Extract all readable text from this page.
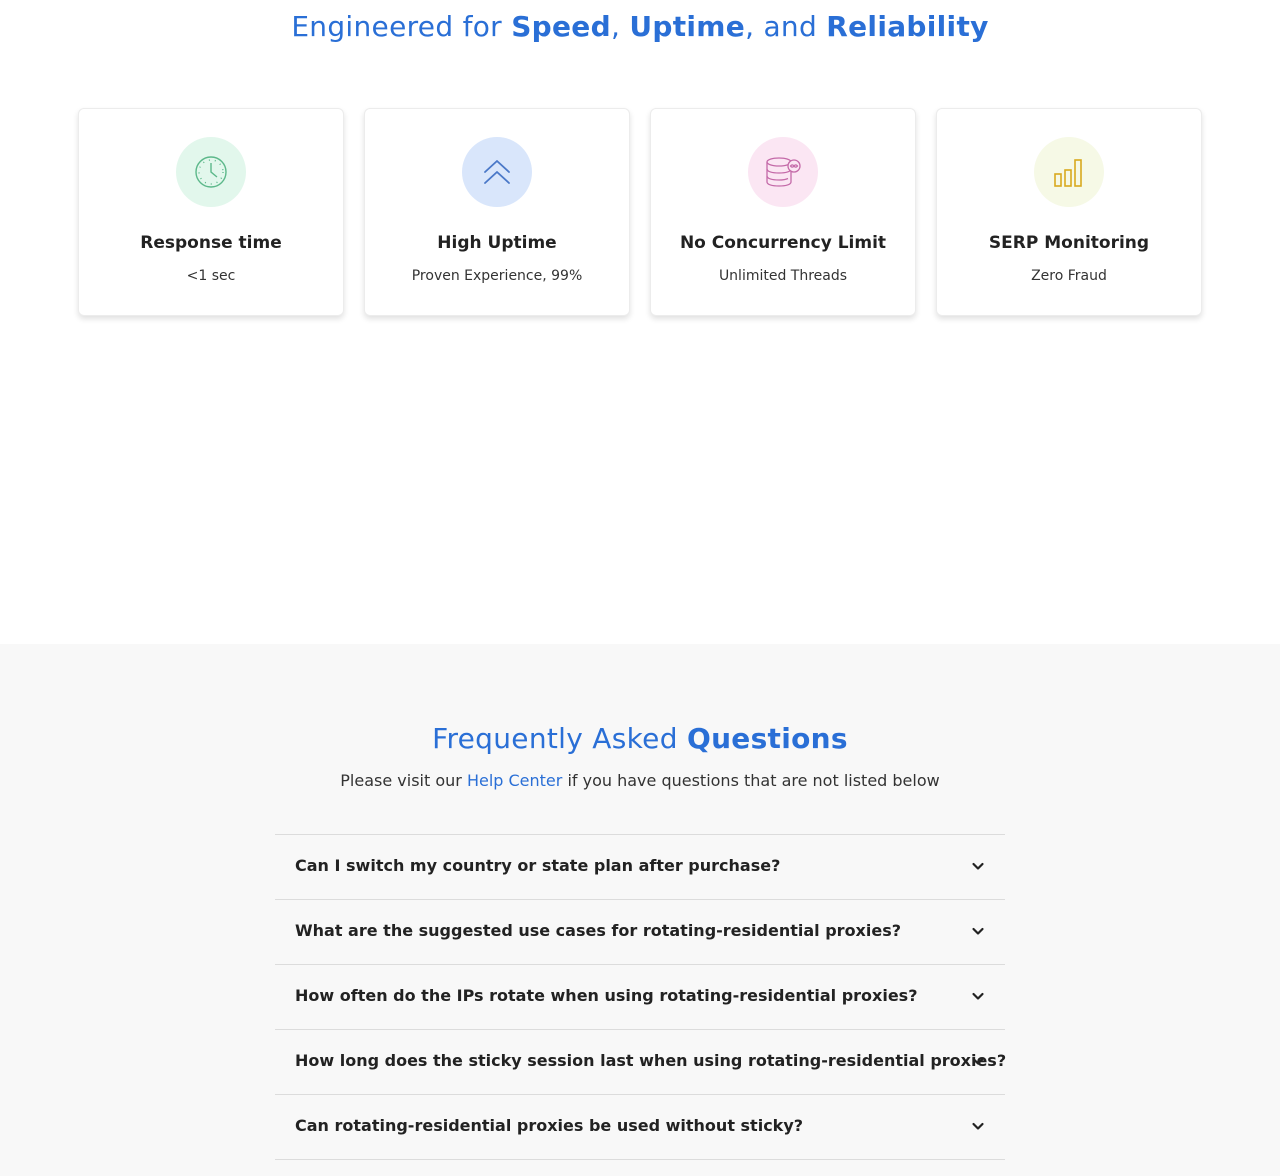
Engineered for Speed, Uptime, and Reliability
Response time
<1 sec
High Uptime
Proven Experience, 99%
No Concurrency Limit
Unlimited Threads
SERP Monitoring
Zero Fraud
Frequently Asked Questions

Please visit our Help Center if you have questions that are not listed below

Can I switch my country or state plan after purchase?
What are the suggested use cases for rotating-residential proxies?
How often do the IPs rotate when using rotating-residential proxies?
How long does the sticky session last when using rotating-residential proxies?
Can rotating-residential proxies be used without sticky?
